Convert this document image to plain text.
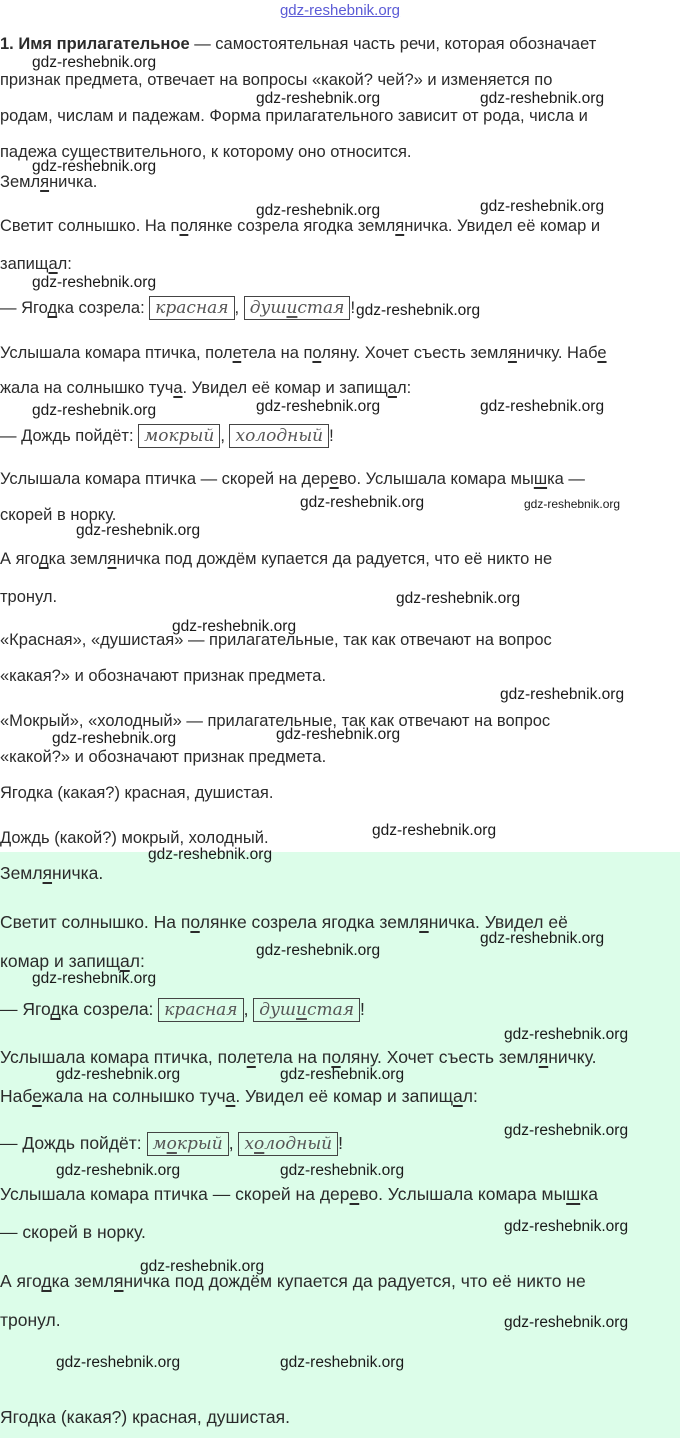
gdz-reshebnik.org
1. Имя прилагательное — самостоятельная часть речи, которая обозначает
признак предмета, отвечает на вопросы «какой? чей?» и изменяется по
родам, числам и падежам. Форма прилагательного зависит от рода, числа и
падежа существительного, к которому оно относится.
Земляничка.
Светит солнышко. На полянке созрела ягодка земляничка. Увидел её комар и
запищал:
— Ягодка созрела: красная , душистая !
Услышала комара птичка, полетела на поляну. Хочет съесть земляничку. Набе
жала на солнышко туча. Увидел её комар и запищал:
— Дождь пойдёт: мокрый , холодный !
Услышала комара птичка — скорей на дерево. Услышала комара мышка —
скорей в норку.
А ягодка земляничка под дождём купается да радуется, что её никто не
тронул.
«Красная», «душистая» — прилагательные, так как отвечают на вопрос
«какая?» и обозначают признак предмета.
«Мокрый», «холодный» — прилагательные, так как отвечают на вопрос
«какой?» и обозначают признак предмета.
Ягодка (какая?) красная, душистая.
Дождь (какой?) мокрый, холодный.
Земляничка.
Светит солнышко. На полянке созрела ягодка земляничка. Увидел её
комар и запищал:
— Ягодка созрела: красная , душистая !
Услышала комара птичка, полетела на поляну. Хочет съесть земляничку.
Набежала на солнышко туча. Увидел её комар и запищал:
— Дождь пойдёт: мокрый , холодный !
Услышала комара птичка — скорей на дерево. Услышала комара мышка
— скорей в норку.
А ягодка земляничка под дождём купается да радуется, что её никто не
тронул.
Ягодка (какая?) красная, душистая.
gdz-reshebnik.org
gdz-reshebnik.org	gdz-reshebnik.org
gdz-reshebnik.org
gdz-reshebnik.org	gdz-reshebnik.org
gdz-reshebnik.org
gdz-reshebnik.org
gdz-reshebnik.org	gdz-reshebnik.org	gdz-reshebnik.org
gdz-reshebnik.org	gdz-reshebnik.org
gdz-reshebnik.org
gdz-reshebnik.org
gdz-reshebnik.org
gdz-reshebnik.org
gdz-reshebnik.org	gdz-reshebnik.org
gdz-reshebnik.org
gdz-reshebnik.org
gdz-reshebnik.org
gdz-reshebnik.org
gdz-reshebnik.org
gdz-reshebnik.org
gdz-reshebnik.org	gdz-reshebnik.org
gdz-reshebnik.org
gdz-reshebnik.org	gdz-reshebnik.org
gdz-reshebnik.org
gdz-reshebnik.org
gdz-reshebnik.org
gdz-reshebnik.org	gdz-reshebnik.org
